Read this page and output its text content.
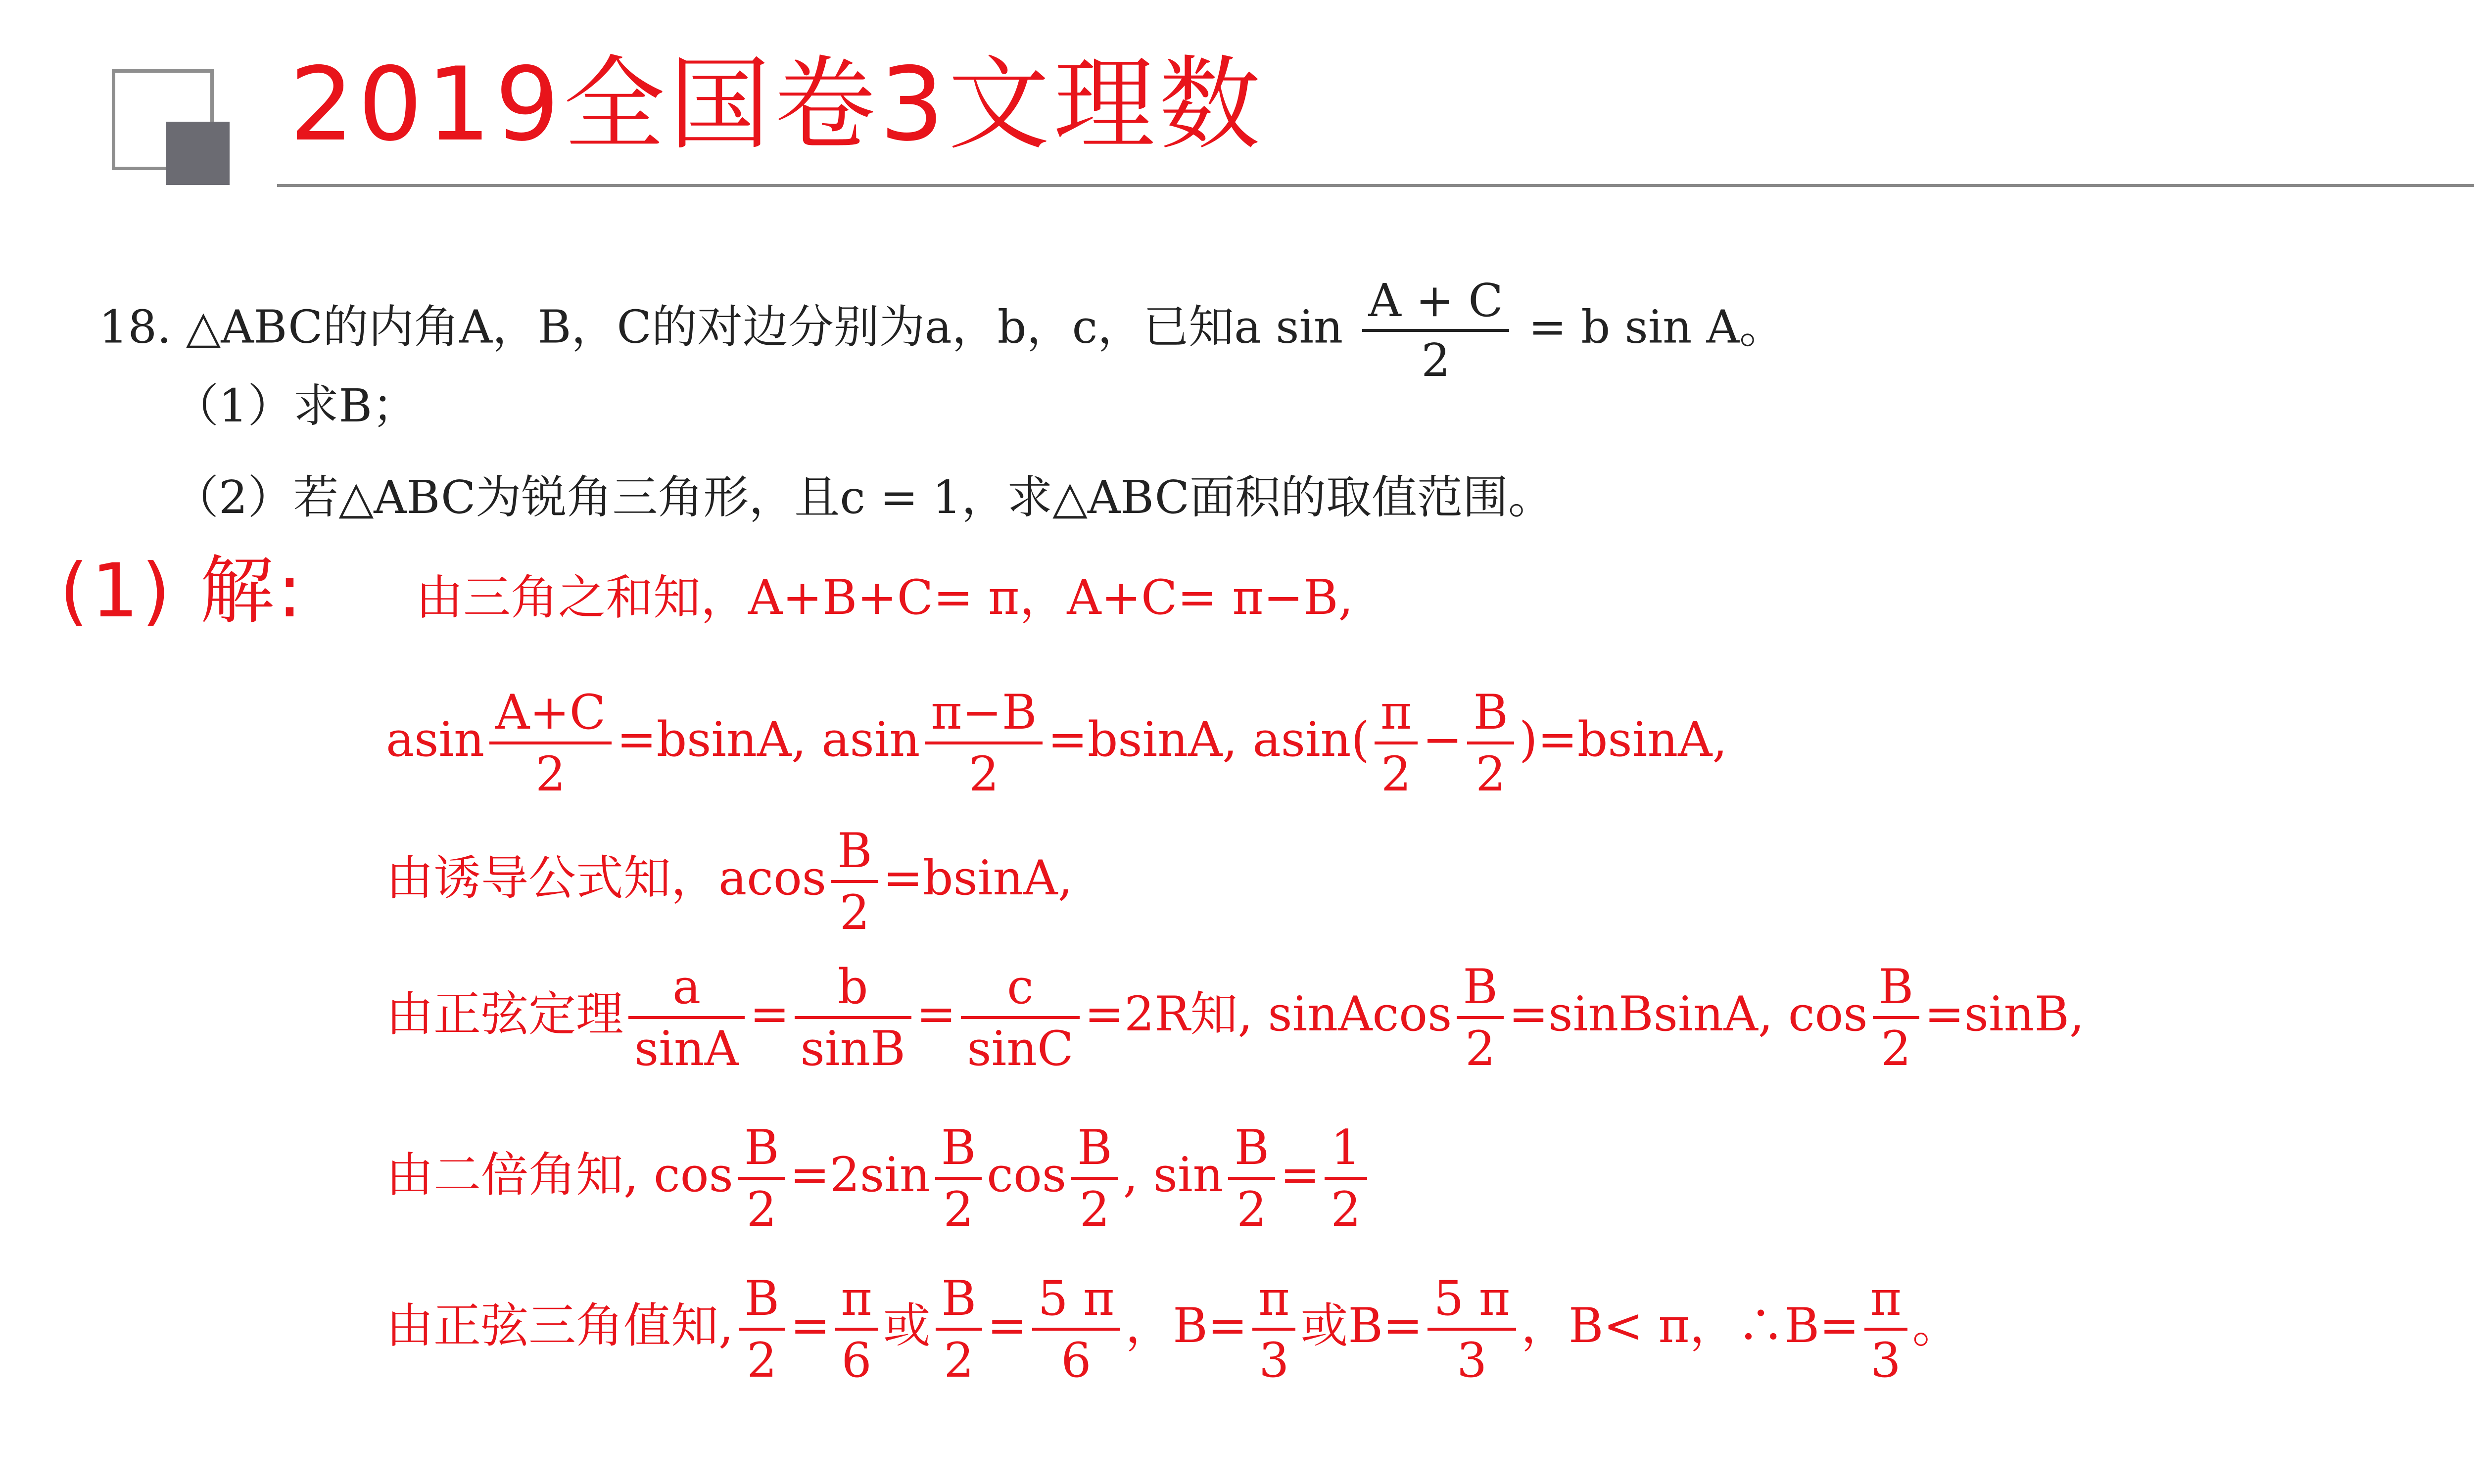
2019全国卷3文理数
18. △ABC的内角A，B，C的对边分别为a，b，c，已知a $\sin \frac{A + C}{2} = b$ sin A。
（1）求B；
（2）若△ABC为锐角三角形，且c = 1，求△ABC面积的取值范围。
(1) 解: 由三角之和知，A+B+C= π，A+C= π−B,
asin $\frac{A+C}{2} =bsinA$, asin $\frac{\pi-B}{2} =bsinA$, $asin( \frac{\pi}{2} - \frac{B}{2} )=bsinA$,
由诱导公式知，acos $\frac{B}{2} =bsinA$,
由正弦定理 $\frac{a}{\sin A} = \frac{b}{\sin B} = \frac{c}{\sin C} =2R$知, sinAcos $\frac{B}{2}$ =sinBsinA, $\cos \frac{B}{2} =\sin B$,
由二倍角知, $\cos \frac{B}{2} =2\sin \frac{B}{2}$ $\cos \frac{B}{2}$ , $\sin \frac{B}{2} = \frac{1}{2}$
由正弦三角值知, $\frac{B}{2} = \frac{\pi}{6}$ 或 $\frac{B}{2} = \frac{5 \pi}{6}$ ，$B= \frac{\pi}{3}$ 或$B= \frac{5 \pi}{3}$ ，B< π，∴B= $\frac{\pi}{3}$ 。
